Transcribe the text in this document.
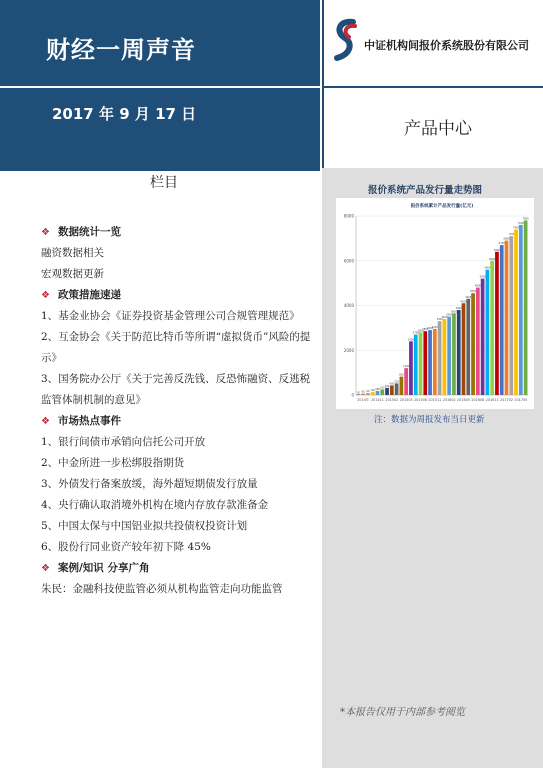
财经一周声音
2017 年 9 月 17 日
中证机构间报价系统股份有限公司
产品中心
栏目
❖ 数据统计一览
融资数据相关
宏观数据更新
❖ 政策措施速递
1、基金业协会《证券投资基金管理公司合规管理规范》
2、互金协会《关于防范比特币等所谓“虚拟货币”风险的提示》
3、国务院办公厅《关于完善反洗钱、反恐怖融资、反逃税监管体制机制的意见》
❖ 市场热点事件
1、银行间债市承销向信托公司开放
2、中金所进一步松绑股指期货
3、外债发行备案放缓，海外超短期债发行放量
4、央行确认取消境外机构在境内存放存款准备金
5、中国太保与中国铝业拟共投债权投资计划
6、股份行同业资产较年初下降 45%
❖ 案例/知识 分享广角
朱民：金融科技使监管必须从机构监管走向功能监管
报价系统产品发行量走势图
报价系统累计产品发行量(亿元)
0
2000
4000
6000
8000
30 60 90 130 180
250
320
430
520
820
1200
2400
2700
2800
2850
2900
2950
3300
3400
3500
3650
3800
4100
4300
4550
4800
5200
5600
6000
6400
6700
6900
7100
7400
7600
7800
2014年 201411 201502 201505 201508 201511 201602 201605 201608 201611 201702 201705
注：数据为周报发布当日更新
*本报告仅用于内部参考阅览
